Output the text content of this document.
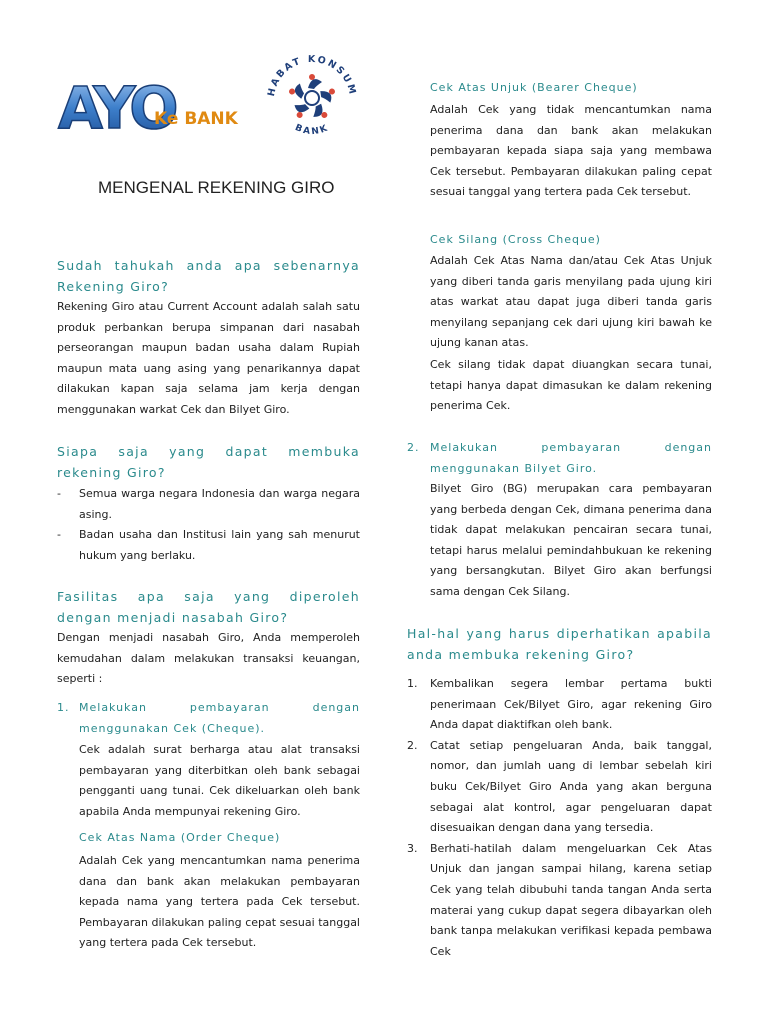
AYO
Ke BANK
HABAT KONSUM
BANK
MENGENAL REKENING GIRO

Sudah tahukah anda apa sebenarnya Rekening Giro?

Rekening Giro atau Current Account adalah salah satu produk perbankan berupa simpanan dari nasabah perseorangan maupun badan usaha dalam Rupiah maupun mata uang asing yang penarikannya dapat dilakukan kapan saja selama jam kerja dengan menggunakan warkat Cek dan Bilyet Giro.

Siapa saja yang dapat membuka rekening Giro?

-	Semua warga negara Indonesia dan warga negara asing.
-	Badan usaha dan Institusi lain yang sah menurut hukum yang berlaku.

Fasilitas apa saja yang diperoleh dengan menjadi nasabah Giro?

Dengan menjadi nasabah Giro, Anda memperoleh kemudahan dalam melakukan transaksi keuangan, seperti :

1. Melakukan pembayaran dengan menggunakan Cek (Cheque).

Cek adalah surat berharga atau alat transaksi pembayaran yang diterbitkan oleh bank sebagai pengganti uang tunai. Cek dikeluarkan oleh bank apabila Anda mempunyai rekening Giro.

Cek Atas Nama (Order Cheque)

Adalah Cek yang mencantumkan nama penerima dana dan bank akan melakukan pembayaran kepada nama yang tertera pada Cek tersebut. Pembayaran dilakukan paling cepat sesuai tanggal yang tertera pada Cek tersebut.

Cek Atas Unjuk (Bearer Cheque)

Adalah Cek yang tidak mencantumkan nama penerima dana dan bank akan melakukan pembayaran kepada siapa saja yang membawa Cek tersebut. Pembayaran dilakukan paling cepat sesuai tanggal yang tertera pada Cek tersebut.

Cek Silang (Cross Cheque)

Adalah Cek Atas Nama dan/atau Cek Atas Unjuk yang diberi tanda garis menyilang pada ujung kiri atas warkat atau dapat juga diberi tanda garis menyilang sepanjang cek dari ujung kiri bawah ke ujung kanan atas.

Cek silang tidak dapat diuangkan secara tunai, tetapi hanya dapat dimasukan ke dalam rekening penerima Cek.

2. Melakukan pembayaran dengan menggunakan Bilyet Giro.

Bilyet Giro (BG) merupakan cara pembayaran yang berbeda dengan Cek, dimana penerima dana tidak dapat melakukan pencairan secara tunai, tetapi harus melalui pemindahbukuan ke rekening yang bersangkutan. Bilyet Giro akan berfungsi sama dengan Cek Silang.

Hal-hal yang harus diperhatikan apabila anda membuka rekening Giro?

1.	Kembalikan segera lembar pertama bukti penerimaan Cek/Bilyet Giro, agar rekening Giro Anda dapat diaktifkan oleh bank.
2.	Catat setiap pengeluaran Anda, baik tanggal, nomor, dan jumlah uang di lembar sebelah kiri buku Cek/Bilyet Giro Anda yang akan berguna sebagai alat kontrol, agar pengeluaran dapat disesuaikan dengan dana yang tersedia.
3.	Berhati-hatilah dalam mengeluarkan Cek Atas Unjuk dan jangan sampai hilang, karena setiap Cek yang telah dibubuhi tanda tangan Anda serta materai yang cukup dapat segera dibayarkan oleh bank tanpa melakukan verifikasi kepada pembawa Cek
